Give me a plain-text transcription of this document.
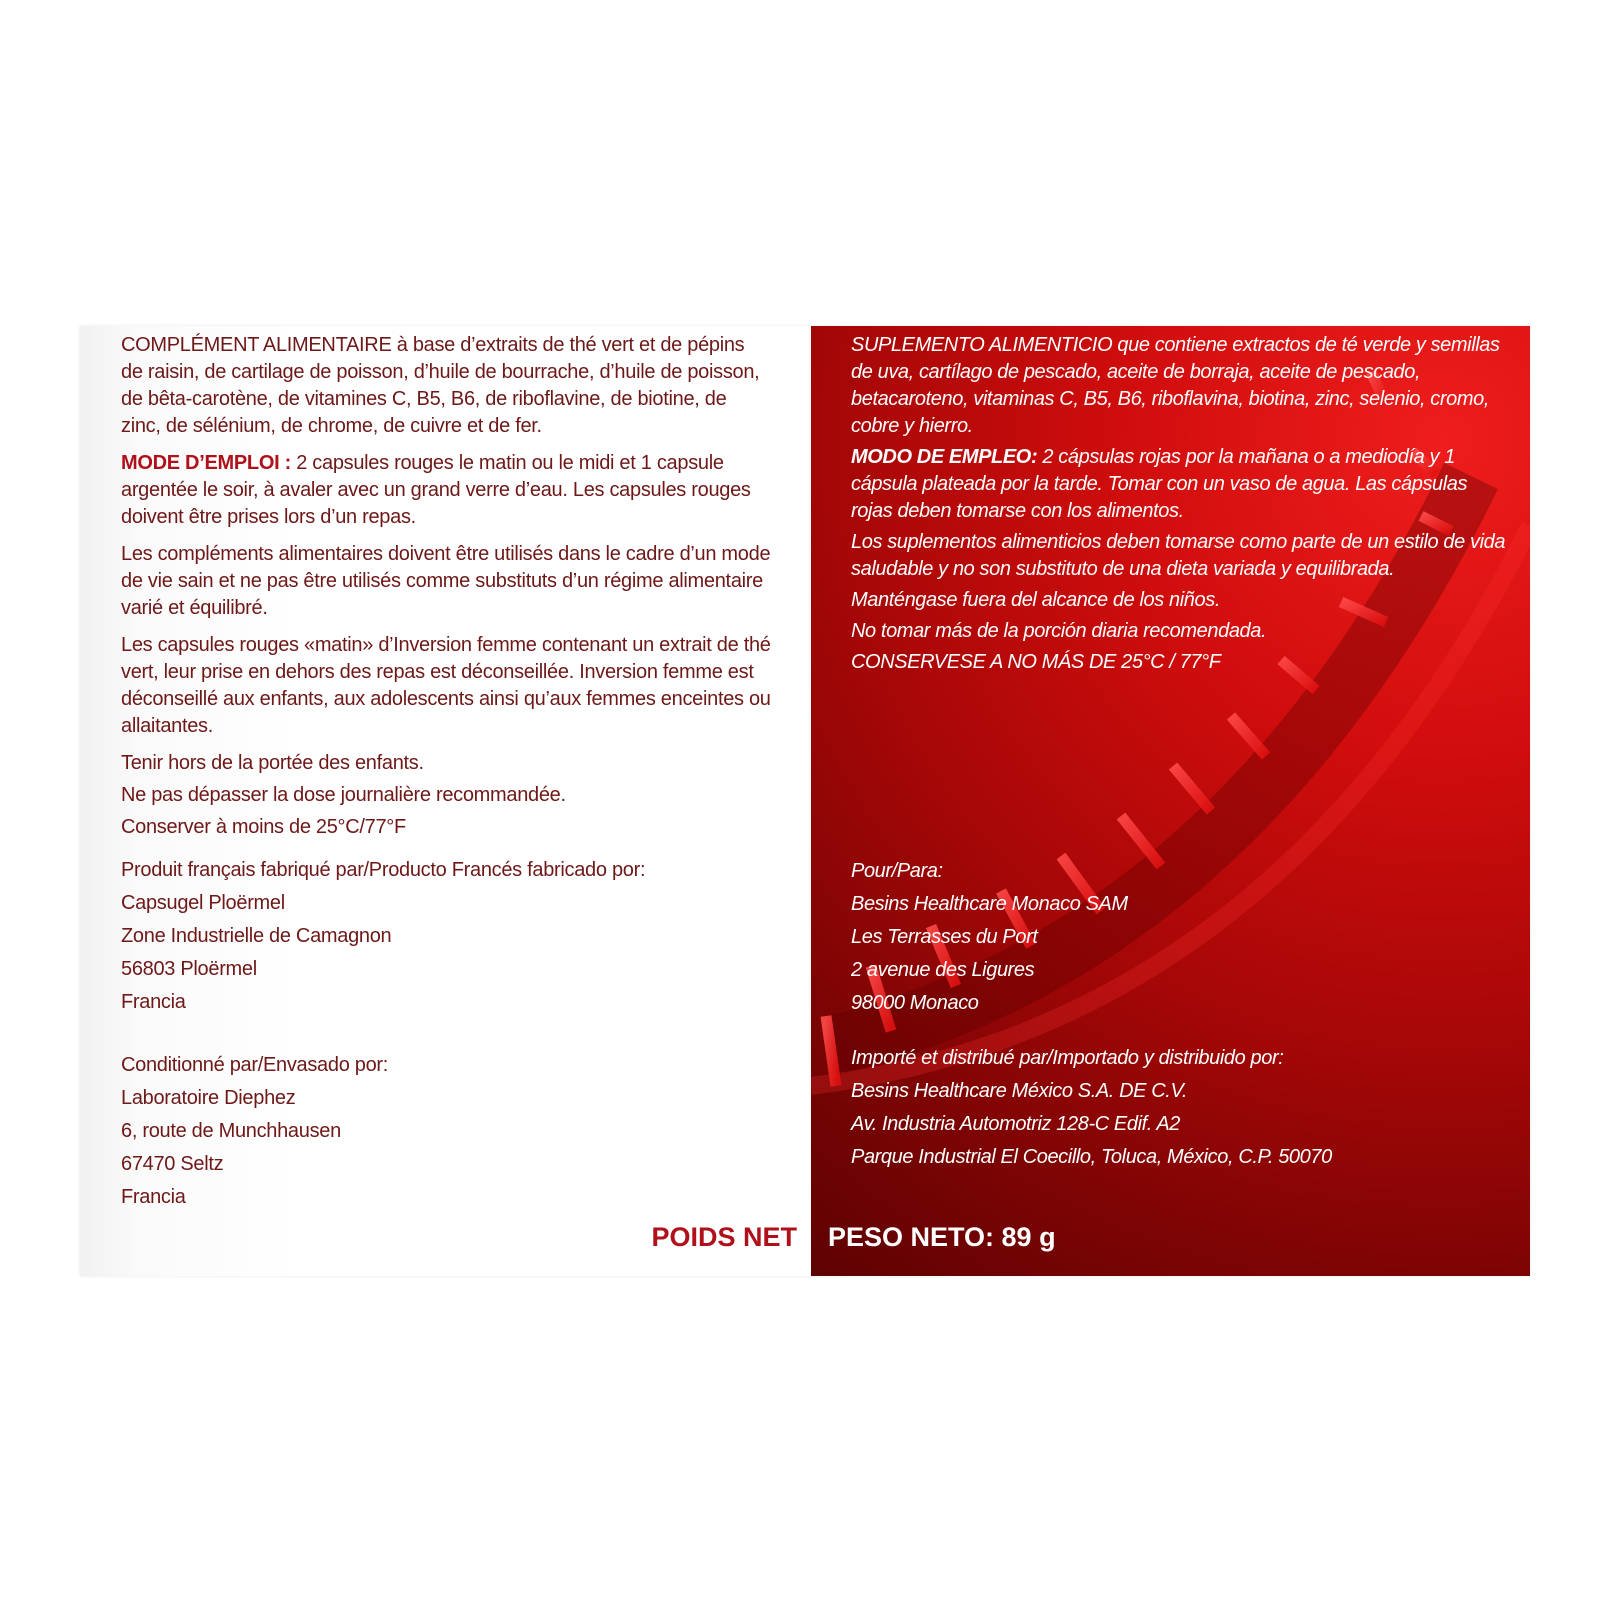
COMPLÉMENT ALIMENTAIRE à base d’extraits de thé vert et de pépins de raisin, de cartilage de poisson, d’huile de bourrache, d’huile de poisson, de bêta-carotène, de vitamines C, B5, B6, de riboflavine, de biotine, de zinc, de sélénium, de chrome, de cuivre et de fer.

MODE D’EMPLOI : 2 capsules rouges le matin ou le midi et 1 capsule argentée le soir, à avaler avec un grand verre d’eau. Les capsules rouges doivent être prises lors d’un repas.

Les compléments alimentaires doivent être utilisés dans le cadre d’un mode de vie sain et ne pas être utilisés comme substituts d’un régime alimentaire varié et équilibré.

Les capsules rouges «matin» d’Inversion femme contenant un extrait de thé vert, leur prise en dehors des repas est déconseillée. Inversion femme est déconseillé aux enfants, aux adolescents ainsi qu’aux femmes enceintes ou allaitantes.

Tenir hors de la portée des enfants.

Ne pas dépasser la dose journalière recommandée.

Conserver à moins de 25°C/77°F

Produit français fabriqué par/Producto Francés fabricado por:
Capsugel Ploërmel
Zone Industrielle de Camagnon
56803 Ploërmel
Francia
Conditionné par/Envasado por:
Laboratoire Diephez
6, route de Munchhausen
67470 Seltz
Francia
POIDS NET

SUPLEMENTO ALIMENTICIO que contiene extractos de té verde y semillas de uva, cartílago de pescado, aceite de borraja, aceite de pescado, betacaroteno, vitaminas C, B5, B6, riboflavina, biotina, zinc, selenio, cromo, cobre y hierro.

MODO DE EMPLEO: 2 cápsulas rojas por la mañana o a mediodía y 1 cápsula plateada por la tarde. Tomar con un vaso de agua. Las cápsulas rojas deben tomarse con los alimentos.

Los suplementos alimenticios deben tomarse como parte de un estilo de vida saludable y no son substituto de una dieta variada y equilibrada.

Manténgase fuera del alcance de los niños.

No tomar más de la porción diaria recomendada.

CONSERVESE A NO MÁS DE 25°C / 77°F

Pour/Para:
Besins Healthcare Monaco SAM
Les Terrasses du Port
2 avenue des Ligures
98000 Monaco
Importé et distribué par/Importado y distribuido por:
Besins Healthcare México S.A. DE C.V.
Av. Industria Automotriz 128-C Edif. A2
Parque Industrial El Coecillo, Toluca, México, C.P. 50070
PESO NETO: 89 g
